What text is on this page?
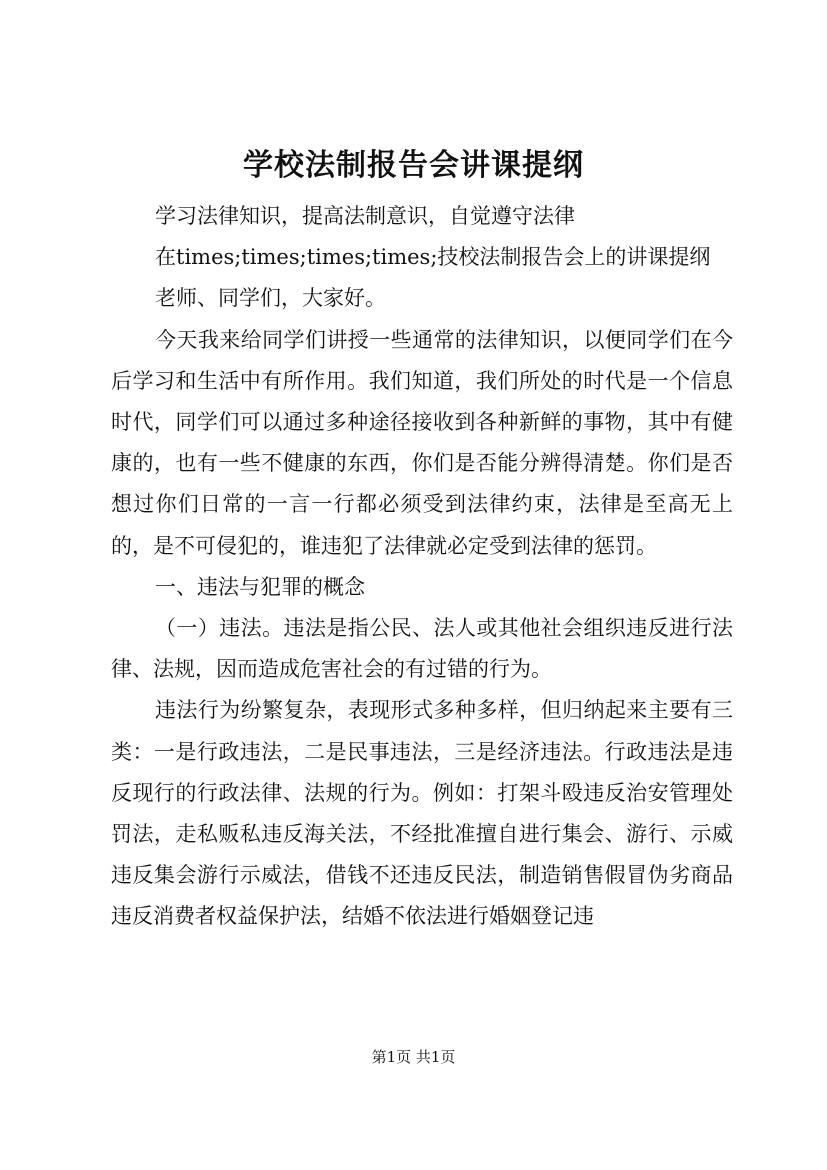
学校法制报告会讲课提纲

学习法律知识，提高法制意识，自觉遵守法律

在times;times;times;times;技校法制报告会上的讲课提纲

老师、同学们，大家好。

今天我来给同学们讲授一些通常的法律知识，以便同学们在今后学习和生活中有所作用。我们知道，我们所处的时代是一个信息时代，同学们可以通过多种途径接收到各种新鲜的事物，其中有健康的，也有一些不健康的东西，你们是否能分辨得清楚。你们是否想过你们日常的一言一行都必须受到法律约束，法律是至高无上的，是不可侵犯的，谁违犯了法律就必定受到法律的惩罚。

一、违法与犯罪的概念

（一）违法。违法是指公民、法人或其他社会组织违反进行法律、法规，因而造成危害社会的有过错的行为。

违法行为纷繁复杂，表现形式多种多样，但归纳起来主要有三类：一是行政违法，二是民事违法，三是经济违法。行政违法是违反现行的行政法律、法规的行为。例如：打架斗殴违反治安管理处罚法，走私贩私违反海关法，不经批准擅自进行集会、游行、示威违反集会游行示威法，借钱不还违反民法，制造销售假冒伪劣商品违反消费者权益保护法，结婚不依法进行婚姻登记违

第1页 共1页
